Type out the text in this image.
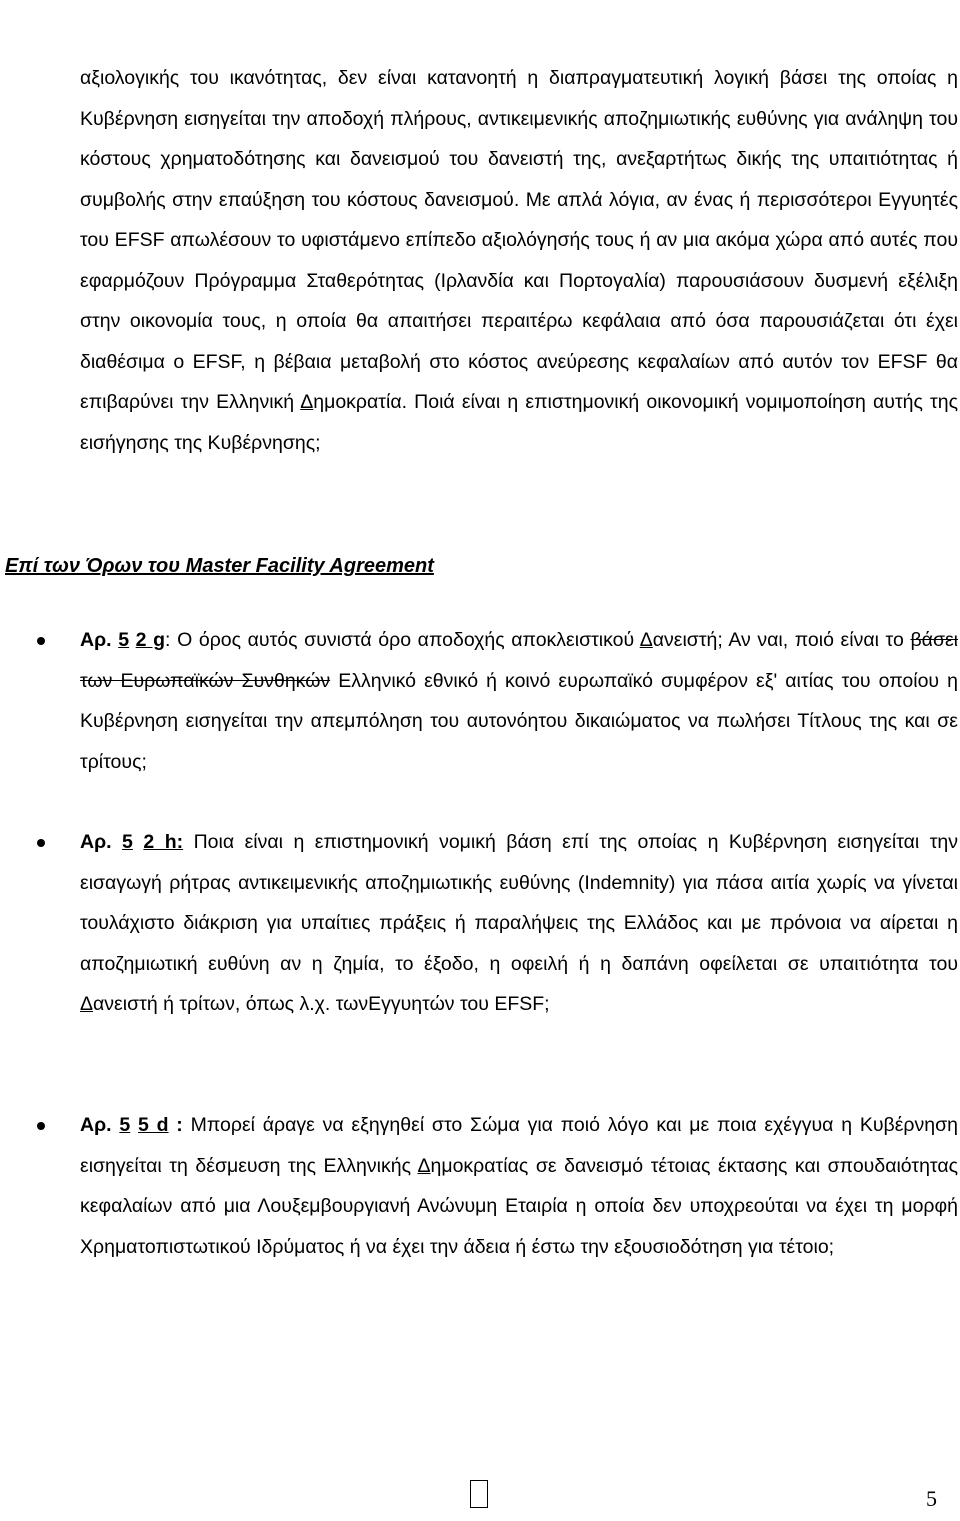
αξιολογικής του ικανότητας, δεν είναι κατανοητή η διαπραγματευτική λογική βάσει της οποίας η Κυβέρνηση εισηγείται την αποδοχή πλήρους, αντικειμενικής αποζημιωτικής ευθύνης για ανάληψη του κόστους χρηματοδότησης και δανεισμού του δανειστή της, ανεξαρτήτως δικής της υπαιτιότητας ή συμβολής στην επαύξηση του κόστους δανεισμού. Με απλά λόγια, αν ένας ή περισσότεροι Εγγυητές του EFSF απωλέσουν το υφιστάμενο επίπεδο αξιολόγησής τους ή αν μια ακόμα χώρα από αυτές που εφαρμόζουν Πρόγραμμα Σταθερότητας (Ιρλανδία και Πορτογαλία) παρουσιάσουν δυσμενή εξέλιξη στην οικονομία τους, η οποία θα απαιτήσει περαιτέρω κεφάλαια από όσα παρουσιάζεται ότι έχει διαθέσιμα ο EFSF, η βέβαια μεταβολή στο κόστος ανεύρεσης κεφαλαίων από αυτόν τον EFSF θα επιβαρύνει την Ελληνική Δημοκρατία. Ποιά είναι η επιστημονική οικονομική νομιμοποίηση αυτής της εισήγησης της Κυβέρνησης;

Επί των Όρων του Master Facility Agreement

Αρ. 5 2 g: Ο όρος αυτός συνιστά όρο αποδοχής αποκλειστικού Δανειστή; Αν ναι, ποιό είναι το βάσει των Ευρωπαϊκών Συνθηκών Ελληνικό εθνικό ή κοινό ευρωπαϊκό συμφέρον εξ' αιτίας του οποίου η Κυβέρνηση εισηγείται την απεμπόληση του αυτονόητου δικαιώματος να πωλήσει Τίτλους της και σε τρίτους;

Αρ. 5 2 h: Ποια είναι η επιστημονική νομική βάση επί της οποίας η Κυβέρνηση εισηγείται την εισαγωγή ρήτρας αντικειμενικής αποζημιωτικής ευθύνης (Indemnity) για πάσα αιτία χωρίς να γίνεται τουλάχιστο διάκριση για υπαίτιες πράξεις ή παραλήψεις της Ελλάδος και με πρόνοια να αίρεται η αποζημιωτική ευθύνη αν η ζημία, το έξοδο, η οφειλή ή η δαπάνη οφείλεται σε υπαιτιότητα του Δανειστή ή τρίτων, όπως λ.χ. τωνΕγγυητών του EFSF;

Αρ. 5 5 d : Μπορεί άραγε να εξηγηθεί στο Σώμα για ποιό λόγο και με ποια εχέγγυα η Κυβέρνηση εισηγείται τη δέσμευση της Ελληνικής Δημοκρατίας σε δανεισμό τέτοιας έκτασης και σπουδαιότητας κεφαλαίων από μια Λουξεμβουργιανή Ανώνυμη Εταιρία η οποία δεν υποχρεούται να έχει τη μορφή Χρηματοπιστωτικού Ιδρύματος ή να έχει την άδεια ή έστω την εξουσιοδότηση για τέτοιο;

5
